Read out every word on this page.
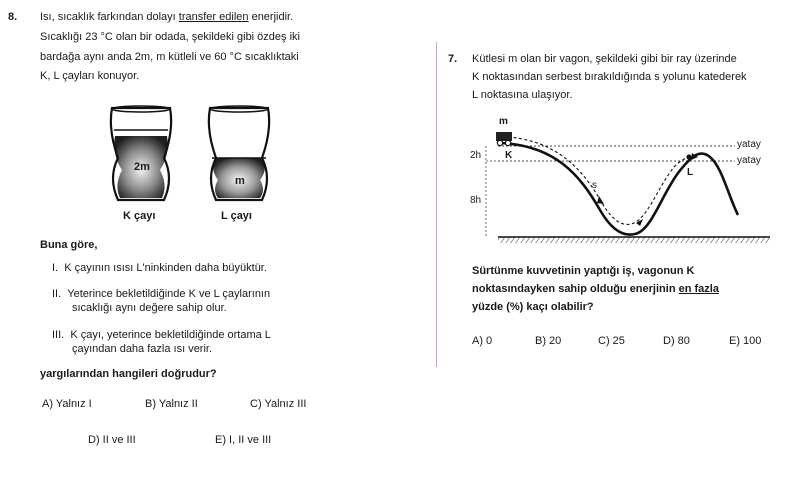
8. Isı, sıcaklık farkından dolayı transfer edilen enerjidir.
Sıcaklığı 23 °C olan bir odada, şekildeki gibi özdeş iki
bardağa aynı anda 2m, m kütleli ve 60 °C sıcaklıktaki
K, L çayları konuyor.
2m
m
K çayı	L çayı
Buna göre,
I. K çayının ısısı L'ninkinden daha büyüktür.
II. Yeterince bekletildiğinde K ve L çaylarının
sıcaklığı aynı değere sahip olur.
III. K çayı, yeterince bekletildiğinde ortama L
çayından daha fazla ısı verir.
yargılarından hangileri doğrudur?
A) Yalnız I	B) Yalnız II	C) Yalnız III
D) II ve III	E) I, II ve III
7. Kütlesi m olan bir vagon, şekildeki gibi bir ray üzerinde
K noktasından serbest bırakıldığında s yolunu katederek
L noktasına ulaşıyor.
m
K
L
s
2h
8h
yatay
yatay
Sürtünme kuvvetinin yaptığı iş, vagonun K
noktasındayken sahip olduğu enerjinin en fazla
yüzde (%) kaçı olabilir?
A) 0	B) 20	C) 25	D) 80	E) 100
